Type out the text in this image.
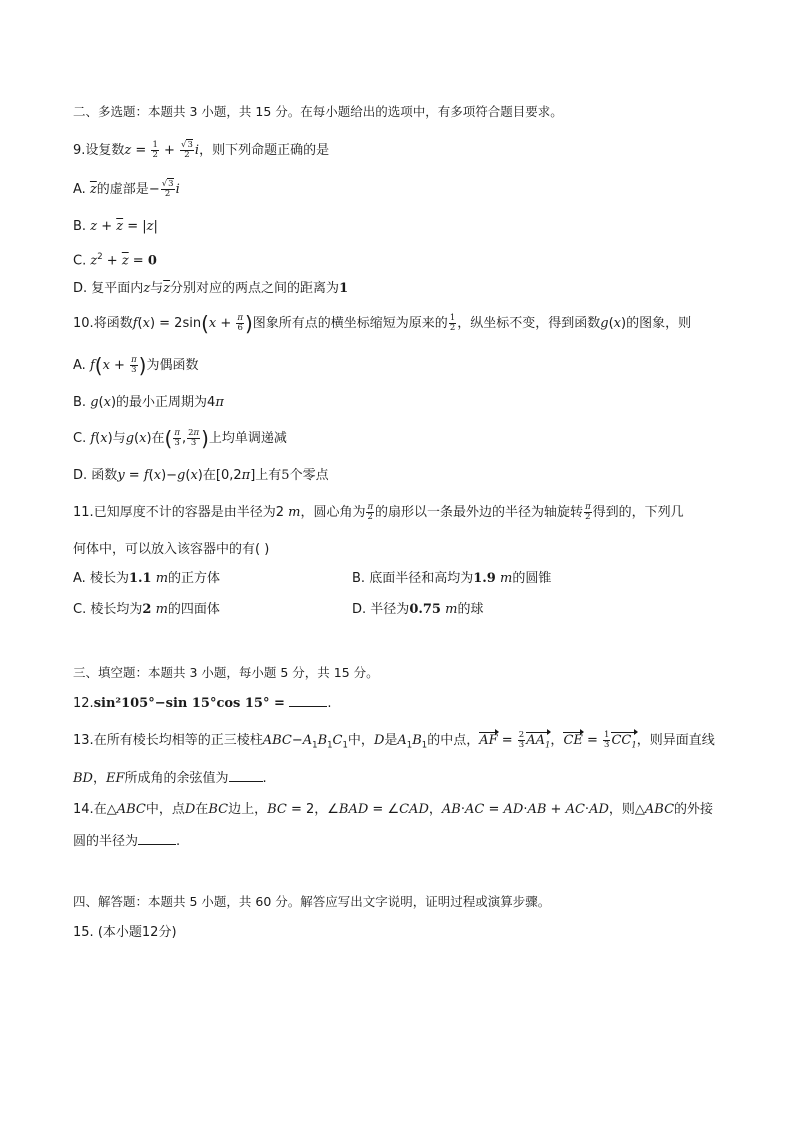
二、多选题：本题共 3 小题，共 15 分。在每小题给出的选项中，有多项符合题目要求。
9.设复数$z = \frac{1}{2} + \frac{√3}{2}$ i，则下列命题正确的是
A. $\overline{z}$的虚部是− $\frac{√3}{2}$ i
B. $z + \overline{z} = |z|$
C. $z^2 + \overline{z} = 0$
D. 复平面内z与$\overline{z}$分别对应的两点之间的距离为1
10.将函数$f(x) = 2\sin(x + \frac{\pi}{6}$ )图象所有点的横坐标缩短为原来的 $\frac{1}{2}$ ，纵坐标不变，得到函数g(x)的图象，则
A. $f(x + \frac{\pi}{3}$ )为偶函数
B. g(x)的最小正周期为4π
C. f(x)与g(x)在( $\frac{\pi}{3}$ , $\frac{2\pi}{3}$ )上均单调递减
D. 函数y = f(x)−g(x)在[0,2π]上有5个零点
11.已知厚度不计的容器是由半径为2 m，圆心角为 $\frac{\pi}{2}$ 的扇形以一条最外边的半径为轴旋转 $\frac{\pi}{2}$ 得到的，下列几
何体中，可以放入该容器中的有( )
A. 棱长为1.1 m的正方体	B. 底面半径和高均为1.9 m的圆锥
C. 棱长均为2 m的四面体	D. 半径为0.75 m的球
三、填空题：本题共 3 小题，每小题 5 分，共 15 分。
12.sin²105°−sin 15°cos 15° =	.
13.在所有棱长均相等的正三棱柱$ABC-A_1B_1C_1$中，D是$A_1B_1$的中点，AF = $\frac{2}{3} AA_1$，CE = $\frac{1}{3} CC_1$，则异面直线
BD，EF所成角的余弦值为	.
14.在△ABC中，点D在BC边上，BC = 2，∠BAD = ∠CAD，AB·AC = AD·AB + AC·AD，则△ABC的外接
圆的半径为	.
四、解答题：本题共 5 小题，共 60 分。解答应写出文字说明，证明过程或演算步骤。
15. (本小题12分)
